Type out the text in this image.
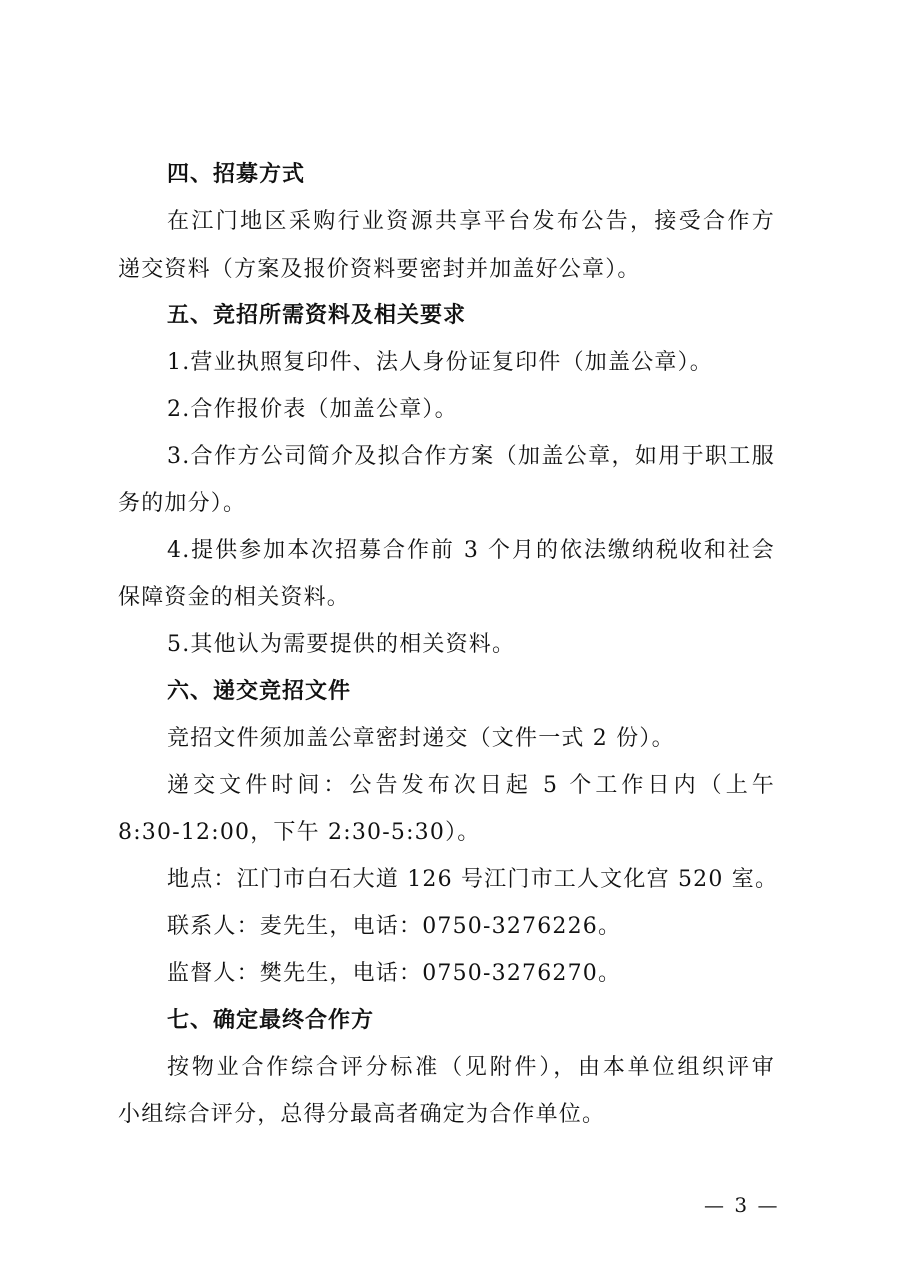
四、招募方式
在江门地区采购行业资源共享平台发布公告，接受合作方
递交资料（方案及报价资料要密封并加盖好公章）。
五、竞招所需资料及相关要求
1.营业执照复印件、法人身份证复印件（加盖公章）。
2.合作报价表（加盖公章）。
3.合作方公司简介及拟合作方案（加盖公章，如用于职工服
务的加分）。
4.提供参加本次招募合作前 3 个月的依法缴纳税收和社会
保障资金的相关资料。
5.其他认为需要提供的相关资料。
六、递交竞招文件
竞招文件须加盖公章密封递交（文件一式 2 份）。
递交文件时间：公告发布次日起 5 个工作日内（上午
8:30-12:00，下午 2:30-5:30）。
地点：江门市白石大道 126 号江门市工人文化宫 520 室。
联系人：麦先生，电话：0750-3276226。
监督人：樊先生，电话：0750-3276270。
七、确定最终合作方
按物业合作综合评分标准（见附件），由本单位组织评审
小组综合评分，总得分最高者确定为合作单位。
— 3 —
